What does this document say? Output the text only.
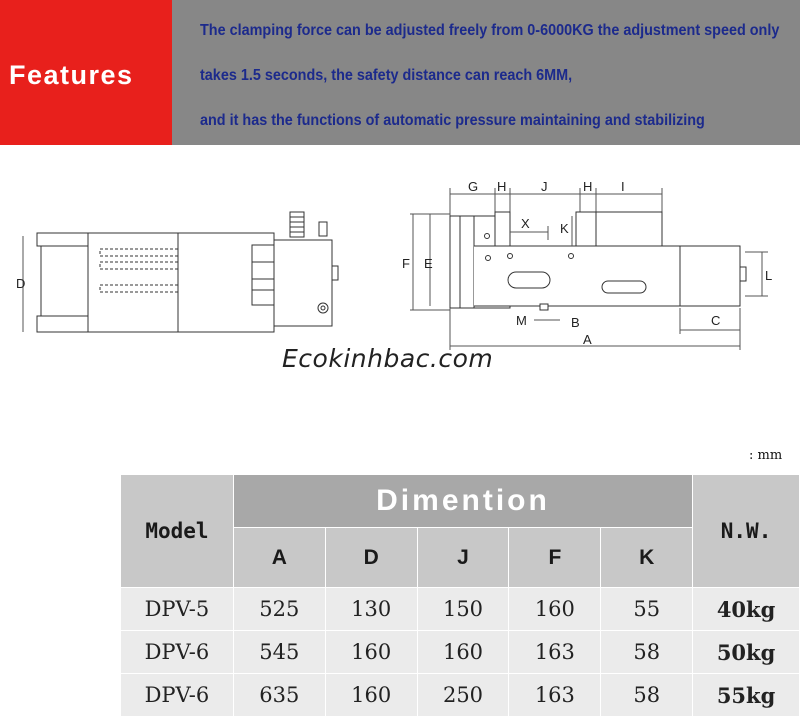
Features
The clamping force can be adjusted freely from 0-6000KG the adjustment speed only
takes 1.5 seconds, the safety distance can reach 6MM,
and it has the functions of automatic pressure maintaining and stabilizing
D
G H	J	H I
X K
F E
L
M	B	C
A
Ecokinhbac.com
: mm
Model	Dimention					N.W.
	A	D	J	F	K	
DPV-5	525	130	150	160	55	40kg
DPV-6	545	160	160	163	58	50kg
DPV-6	635	160	250	163	58	55kg
